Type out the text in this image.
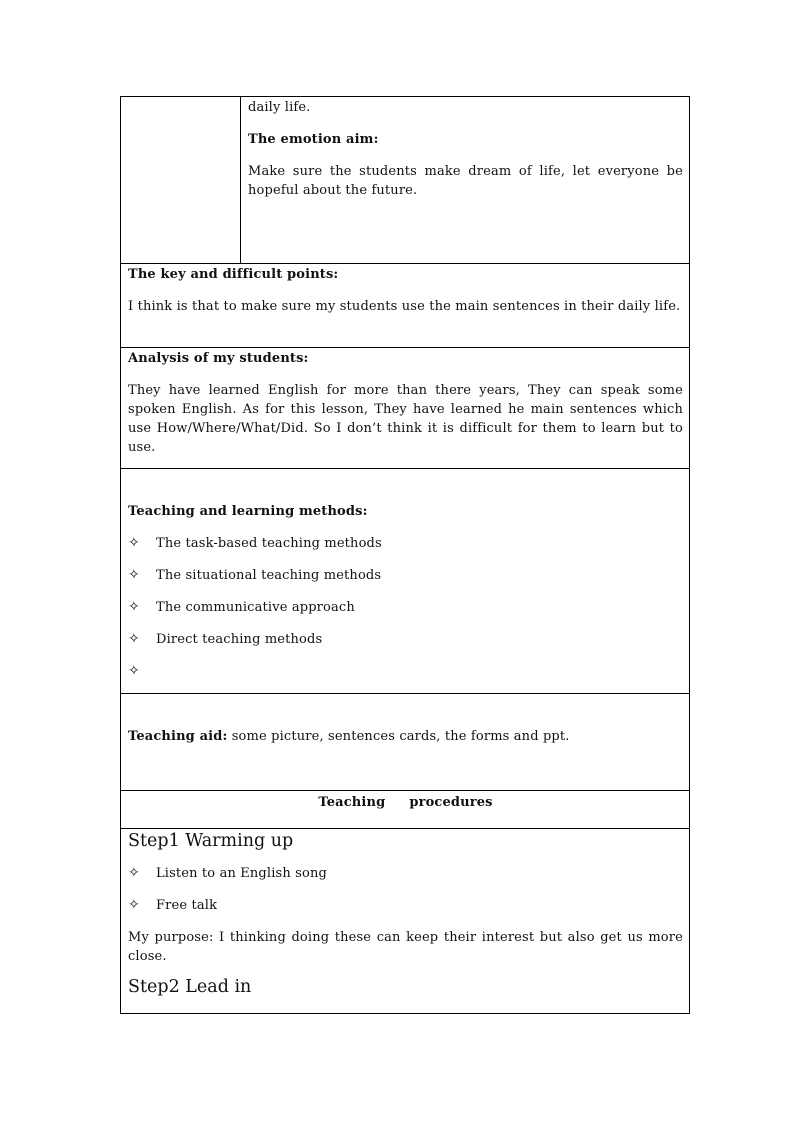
daily life.

The emotion aim:

Make sure the students make dream of life, let everyone be hopeful about the future.

The key and difficult points:

I think is that to make sure my students use the main sentences in their daily life.

Analysis of my students:

They have learned English for more than there years, They can speak some spoken English. As for this lesson, They have learned he main sentences which use How/Where/What/Did. So I don’t think it is difficult for them to learn but to use.

Teaching and learning methods:

✧	The task-based teaching methods
✧	The situational teaching methods
✧	The communicative approach
✧	Direct teaching methods
✧

Teaching aid: some picture, sentences cards, the forms and ppt.

Teaching procedures

Step1 Warming up

✧	Listen to an English song
✧	Free talk

My purpose: I thinking doing these can keep their interest but also get us more close.

Step2 Lead in
